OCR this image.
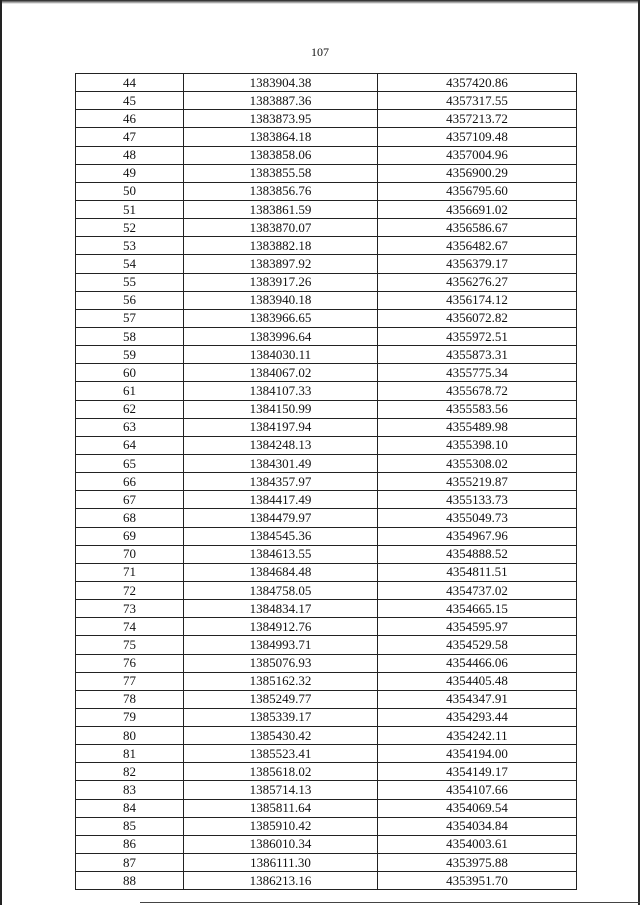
107
44	1383904.38	4357420.86
45	1383887.36	4357317.55
46	1383873.95	4357213.72
47	1383864.18	4357109.48
48	1383858.06	4357004.96
49	1383855.58	4356900.29
50	1383856.76	4356795.60
51	1383861.59	4356691.02
52	1383870.07	4356586.67
53	1383882.18	4356482.67
54	1383897.92	4356379.17
55	1383917.26	4356276.27
56	1383940.18	4356174.12
57	1383966.65	4356072.82
58	1383996.64	4355972.51
59	1384030.11	4355873.31
60	1384067.02	4355775.34
61	1384107.33	4355678.72
62	1384150.99	4355583.56
63	1384197.94	4355489.98
64	1384248.13	4355398.10
65	1384301.49	4355308.02
66	1384357.97	4355219.87
67	1384417.49	4355133.73
68	1384479.97	4355049.73
69	1384545.36	4354967.96
70	1384613.55	4354888.52
71	1384684.48	4354811.51
72	1384758.05	4354737.02
73	1384834.17	4354665.15
74	1384912.76	4354595.97
75	1384993.71	4354529.58
76	1385076.93	4354466.06
77	1385162.32	4354405.48
78	1385249.77	4354347.91
79	1385339.17	4354293.44
80	1385430.42	4354242.11
81	1385523.41	4354194.00
82	1385618.02	4354149.17
83	1385714.13	4354107.66
84	1385811.64	4354069.54
85	1385910.42	4354034.84
86	1386010.34	4354003.61
87	1386111.30	4353975.88
88	1386213.16	4353951.70
